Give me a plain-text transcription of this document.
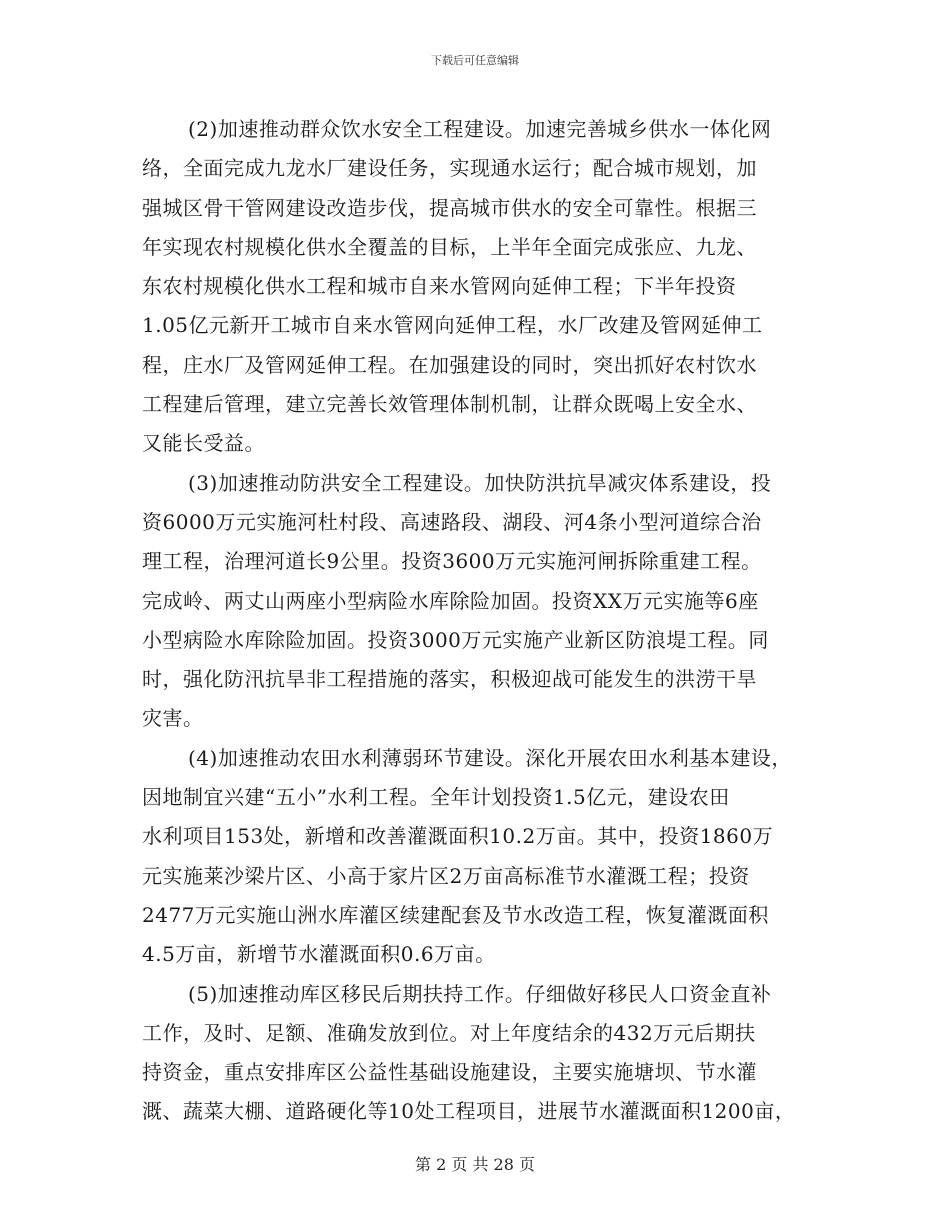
下载后可任意编辑
(2)加速推动群众饮水安全工程建设。加速完善城乡供水一体化网
络，全面完成九龙水厂建设任务，实现通水运行；配合城市规划，加
强城区骨干管网建设改造步伐，提高城市供水的安全可靠性。根据三
年实现农村规模化供水全覆盖的目标，上半年全面完成张应、九龙、
东农村规模化供水工程和城市自来水管网向延伸工程；下半年投资
1.05亿元新开工城市自来水管网向延伸工程，水厂改建及管网延伸工
程，庄水厂及管网延伸工程。在加强建设的同时，突出抓好农村饮水
工程建后管理，建立完善长效管理体制机制，让群众既喝上安全水、
又能长受益。
(3)加速推动防洪安全工程建设。加快防洪抗旱减灾体系建设，投
资6000万元实施河杜村段、高速路段、湖段、河4条小型河道综合治
理工程，治理河道长9公里。投资3600万元实施河闸拆除重建工程。
完成岭、两丈山两座小型病险水库除险加固。投资XX万元实施等6座
小型病险水库除险加固。投资3000万元实施产业新区防浪堤工程。同
时，强化防汛抗旱非工程措施的落实，积极迎战可能发生的洪涝干旱
灾害。
(4)加速推动农田水利薄弱环节建设。深化开展农田水利基本建设，
因地制宜兴建“五小”水利工程。全年计划投资1.5亿元，建设农田
水利项目153处，新增和改善灌溉面积10.2万亩。其中，投资1860万
元实施莱沙梁片区、小高于家片区2万亩高标准节水灌溉工程；投资
2477万元实施山洲水库灌区续建配套及节水改造工程，恢复灌溉面积
4.5万亩，新增节水灌溉面积0.6万亩。
(5)加速推动库区移民后期扶持工作。仔细做好移民人口资金直补
工作，及时、足额、准确发放到位。对上年度结余的432万元后期扶
持资金，重点安排库区公益性基础设施建设，主要实施塘坝、节水灌
溉、蔬菜大棚、道路硬化等10处工程项目，进展节水灌溉面积1200亩，
第 2 页 共 28 页
